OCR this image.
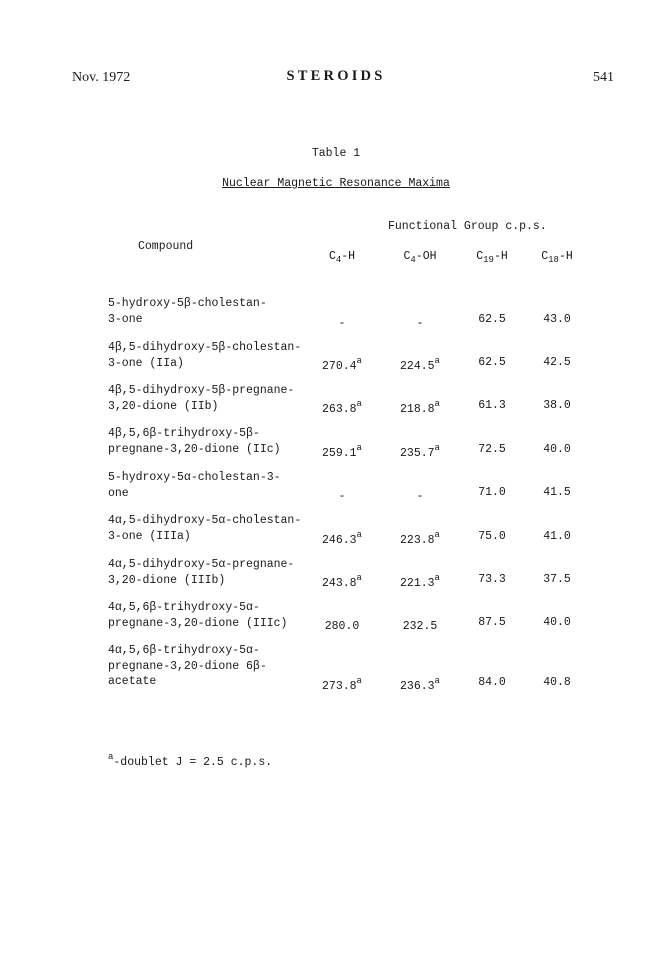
Nov. 1972	STEROIDS	541
Table 1
Nuclear Magnetic Resonance Maxima
Functional Group c.p.s.
Compound
$C_4-H$	$C_4-OH$	$C_{19}-H$	$C_{18}-H$
5-hydroxy-5β-cholestan-
3-one	-	-	62.5	43.0
4β,5-dihydroxy-5β-cholestan-
3-one (IIa)	270.4$^a$	224.5$^a$	62.5	42.5
4β,5-dihydroxy-5β-pregnane-
3,20-dione (IIb)	263.8$^a$	218.8$^a$	61.3	38.0
4β,5,6β-trihydroxy-5β-
pregnane-3,20-dione (IIc)	259.1$^a$	235.7$^a$	72.5	40.0
5-hydroxy-5α-cholestan-3-
one	-	-	71.0	41.5
4α,5-dihydroxy-5α-cholestan-
3-one (IIIa)	246.3$^a$	223.8$^a$	75.0	41.0
4α,5-dihydroxy-5α-pregnane-
3,20-dione (IIIb)	243.8$^a$	221.3$^a$	73.3	37.5
4α,5,6β-trihydroxy-5α-
pregnane-3,20-dione (IIIc)	280.0	232.5	87.5	40.0
4α,5,6β-trihydroxy-5α-
pregnane-3,20-dione 6β-
acetate	273.8$^a$	236.3$^a$	84.0	40.8
$^a$-doublet J = 2.5 c.p.s.
